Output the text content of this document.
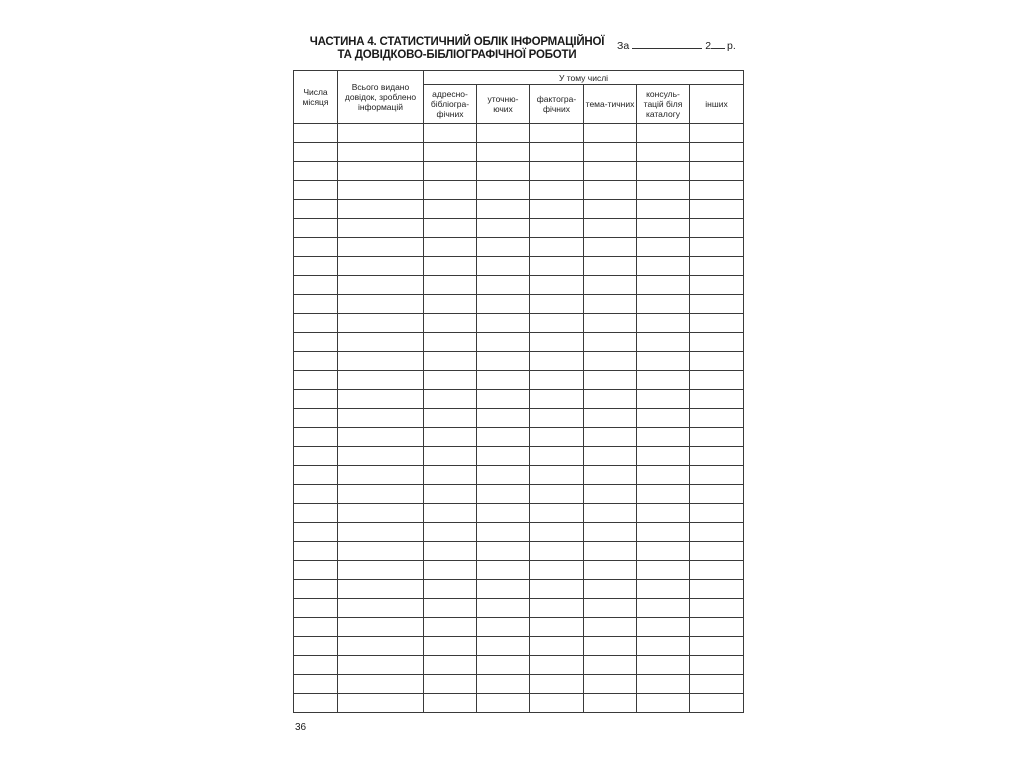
ЧАСТИНА 4. СТАТИСТИЧНИЙ ОБЛІК ІНФОРМАЦІЙНОЇ
ТА ДОВІДКОВО-БІБЛІОГРАФІЧНОЇ РОБОТИ
За	2 р.
Числа місяця	Всього видано довідок, зроблено інформацій	У тому числі					

		адресно-бібліогра-фічних	уточню-ючих	фактогра-фічних	тема-тичних	консуль-тацій біля каталогу	інших

36
